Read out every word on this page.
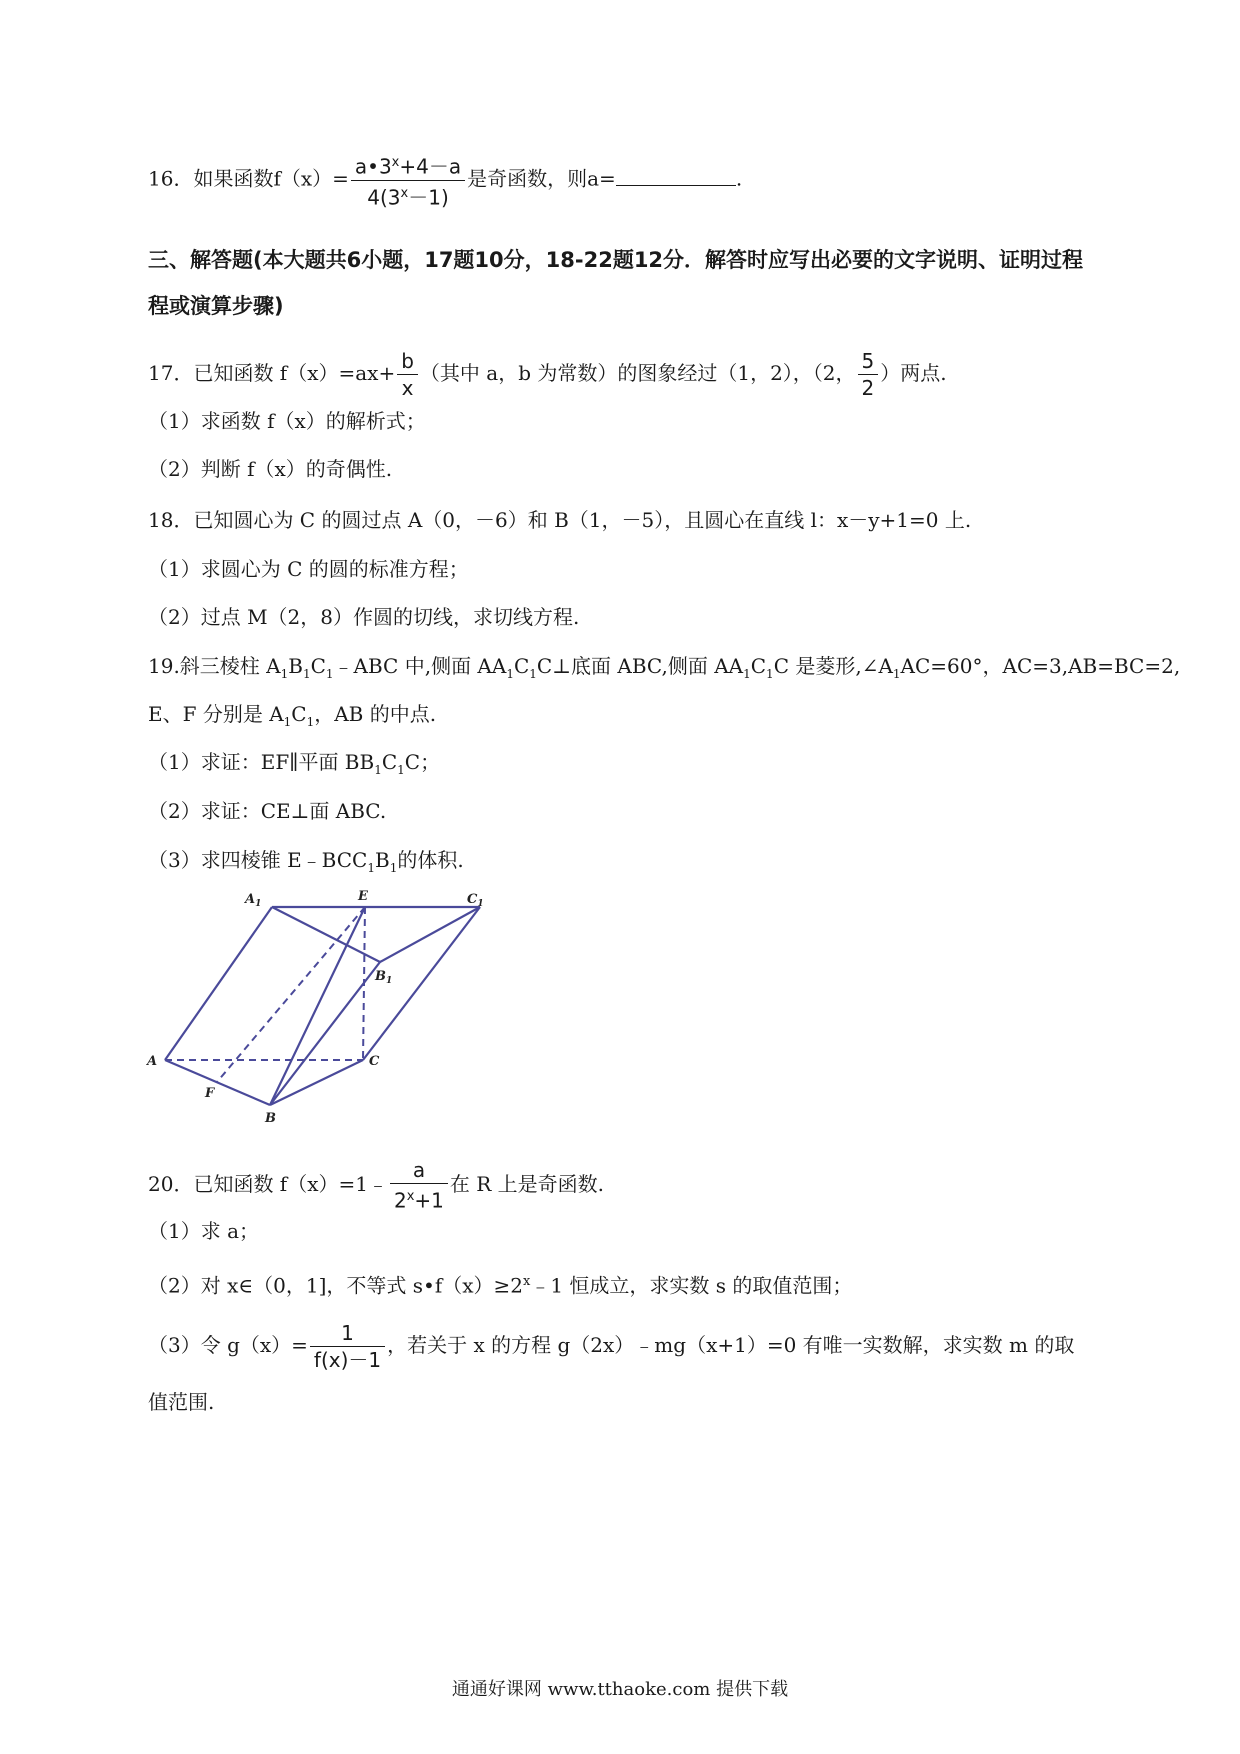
16．如果函数$f(x)= \frac{a•3^x+4-a}{4(3^x-1)}$ 是奇函数，则a=	.
三、解答题(本大题共6小题，17题10分，18-22题12分．解答时应写出必要的文字说明、证明过程
程或演算步骤)
17．已知函数 $f(x)=ax+ \frac{b}{x}$ （其中 a，b 为常数）的图象经过（1，2），（2， $\frac{5}{2}$ ）两点.
（1）求函数 f（x）的解析式；
（2）判断 f（x）的奇偶性.
18．已知圆心为 C 的圆过点 A（0，－6）和 B（1，－5），且圆心在直线 l：x－y+1=0 上.
（1）求圆心为 C 的圆的标准方程；
（2）过点 M（2，8）作圆的切线，求切线方程.
19.斜三棱柱 $A_1B_1C_1﹣ABC$ 中,侧面 $AA_1C_1C\perp$底面 ABC,侧面 $AA_1C_1C$ 是菱形$,\angle A_1AC=60^\circ$，AC=3,AB=BC=2,
E、F 分别是 $A_1C_1$，AB 的中点.
（1）求证：EF∥平面 $BB_1C_1C$；
（2）求证：CE⊥面 ABC.
（3）求四棱锥 $E﹣BCC_1B_1$的体积.
$A_1$	E	$C_1$
$B_1$
A	C
F
B
20．已知函数 f（x）=1﹣ $\frac{a}{2^x+1}$ 在 R 上是奇函数.
（1）求 a；
（2）对 x∈（0，1]，不等式 $s•f(x)\ge 2^x﹣1$ 恒成立，求实数 s 的取值范围；
（3）令 $g(x)= \frac{1}{f(x)-1}$ ，若关于 x 的方程 g（2x）﹣mg（x+1）=0 有唯一实数解，求实数 m 的取
值范围.
通通好课网 www.tthaoke.com 提供下载
